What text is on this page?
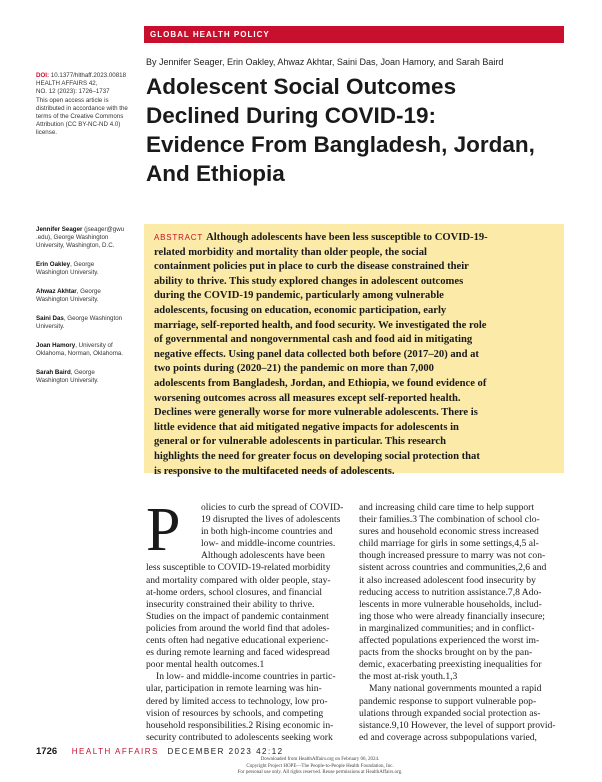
GLOBAL HEALTH POLICY
By Jennifer Seager, Erin Oakley, Ahwaz Akhtar, Saini Das, Joan Hamory, and Sarah Baird
Adolescent Social Outcomes
Declined During COVID-19:
Evidence From Bangladesh, Jordan,
And Ethiopia
DOI: 10.1377/hlthaff.2023.00818
HEALTH AFFAIRS 42,
NO. 12 (2023): 1726–1737
This open access article is
distributed in accordance with the
terms of the Creative Commons
Attribution (CC BY-NC-ND 4.0)
license.
Jennifer Seager (jseager@gwu
.edu), George Washington
University, Washington, D.C.
Erin Oakley, George
Washington University.
Ahwaz Akhtar, George
Washington University.
Saini Das, George Washington
University.
Joan Hamory, University of
Oklahoma, Norman, Oklahoma.
Sarah Baird, George
Washington University.
ABSTRACT Although adolescents have been less susceptible to COVID-19-
related morbidity and mortality than older people, the social
containment policies put in place to curb the disease constrained their
ability to thrive. This study explored changes in adolescent outcomes
during the COVID-19 pandemic, particularly among vulnerable
adolescents, focusing on education, economic participation, early
marriage, self-reported health, and food security. We investigated the role
of governmental and nongovernmental cash and food aid in mitigating
negative effects. Using panel data collected both before (2017–20) and at
two points during (2020–21) the pandemic on more than 7,000
adolescents from Bangladesh, Jordan, and Ethiopia, we found evidence of
worsening outcomes across all measures except self-reported health.
Declines were generally worse for more vulnerable adolescents. There is
little evidence that aid mitigated negative impacts for adolescents in
general or for vulnerable adolescents in particular. This research
highlights the need for greater focus on developing social protection that
is responsive to the multifaceted needs of adolescents.
P	olicies to curb the spread of COVID-
19 disrupted the lives of adolescents
in both high-income countries and
low- and middle-income countries.
Although adolescents have been
less susceptible to COVID-19-related morbidity
and mortality compared with older people, stay-
at-home orders, school closures, and financial
insecurity constrained their ability to thrive.
Studies on the impact of pandemic containment
policies from around the world find that adoles-
cents often had negative educational experienc-
es during remote learning and faced widespread
poor mental health outcomes.1
In low- and middle-income countries in partic-
ular, participation in remote learning was hin-
dered by limited access to technology, low pro-
vision of resources by schools, and competing
household responsibilities.2 Rising economic in-
security contributed to adolescents seeking work
and increasing child care time to help support
their families.3 The combination of school clo-
sures and household economic stress increased
child marriage for girls in some settings,4,5 al-
though increased pressure to marry was not con-
sistent across countries and communities,2,6 and
it also increased adolescent food insecurity by
reducing access to nutrition assistance.7,8 Ado-
lescents in more vulnerable households, includ-
ing those who were already financially insecure;
in marginalized communities; and in conflict-
affected populations experienced the worst im-
pacts from the shocks brought on by the pan-
demic, exacerbating preexisting inequalities for
the most at-risk youth.1,3
Many national governments mounted a rapid
pandemic response to support vulnerable pop-
ulations through expanded social protection as-
sistance.9,10 However, the level of support provid-
ed and coverage across subpopulations varied,
1726 HEALTH AFFAIRS DECEMBER 2023 42:12
Downloaded from HealthAffairs.org on February 06, 2024.
Copyright Project HOPE—The People-to-People Health Foundation, Inc.
For personal use only. All rights reserved. Reuse permissions at HealthAffairs.org.
